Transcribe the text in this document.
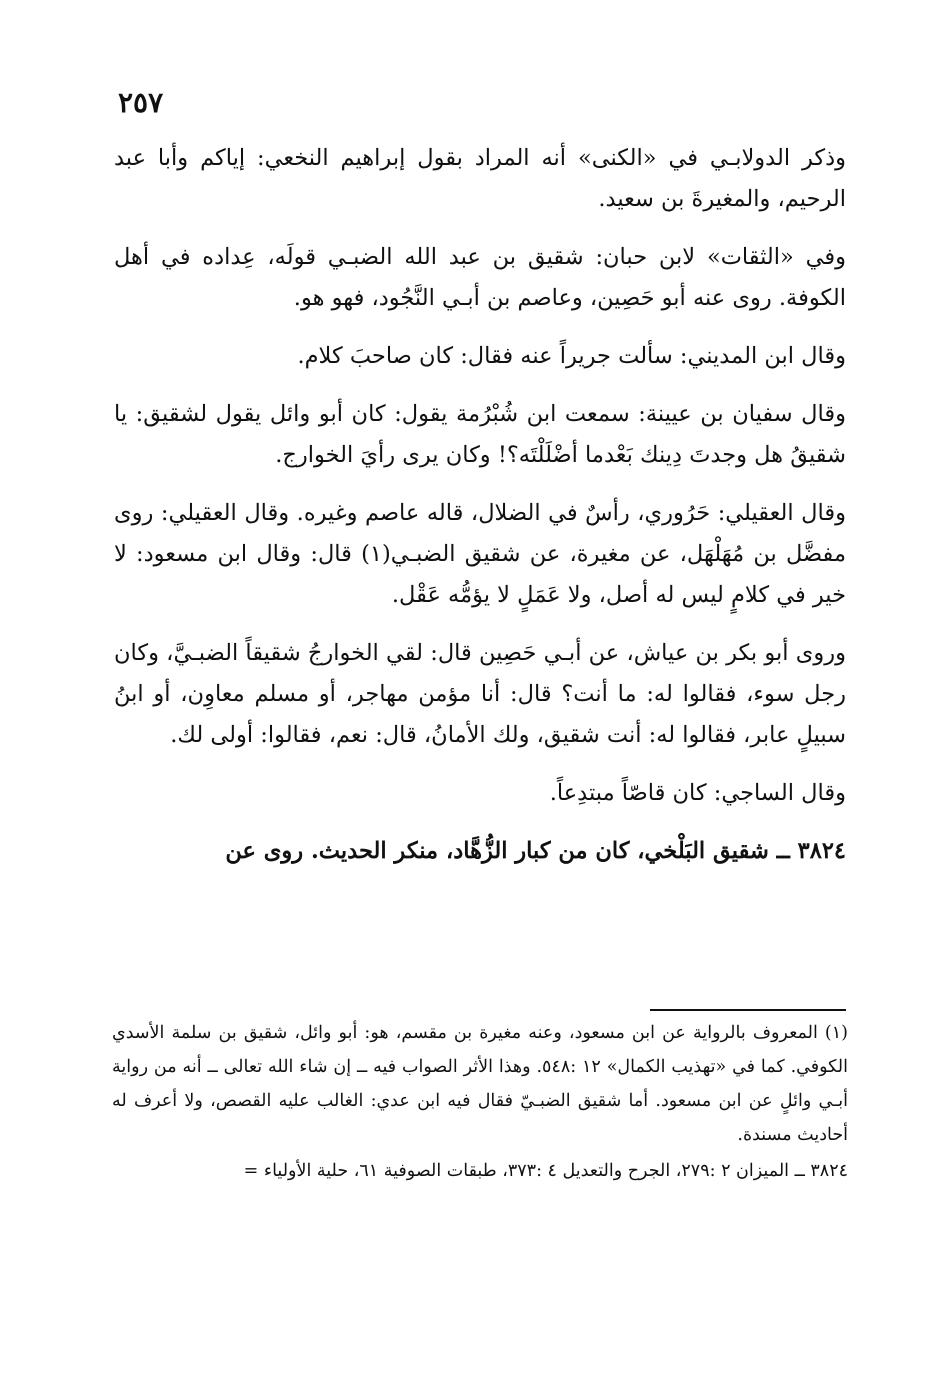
٢٥٧

وذكر الدولابـي في «الكنى» أنه المراد بقول إبراهيم النخعي: إياكم وأبا عبد الرحيم، والمغيرةَ بن سعيد.

وفي «الثقات» لابن حبان: شقيق بن عبد الله الضبـي قولَه، عِداده في أهل الكوفة. روى عنه أبو حَصِين، وعاصم بن أبـي النَّجُود، فهو هو.

وقال ابن المديني: سألت جريراً عنه فقال: كان صاحبَ كلام.

وقال سفيان بن عيينة: سمعت ابن شُبْرُمة يقول: كان أبو وائل يقول لشقيق: يا شقيقُ هل وجدتَ دِينك بَعْدما أضْلَلْتَه؟! وكان يرى رأيَ الخوارج.

وقال العقيلي: حَرُوري، رأسٌ في الضلال، قاله عاصم وغيره. وقال العقيلي: روى مفضَّل بن مُهَلْهَل، عن مغيرة، عن شقيق الضبـي(١) قال: وقال ابن مسعود: لا خير في كلامٍ ليس له أصل، ولا عَمَلٍ لا يؤمُّه عَقْل.

وروى أبو بكر بن عياش، عن أبـي حَصِين قال: لقي الخوارجُ شقيقاً الضبـيَّ، وكان رجل سوء، فقالوا له: ما أنت؟ قال: أنا مؤمن مهاجر، أو مسلم معاوِن، أو ابنُ سبيلٍ عابر، فقالوا له: أنت شقيق، ولك الأمانُ، قال: نعم، فقالوا: أولى لك.

وقال الساجي: كان قاصّاً مبتدِعاً.

٣٨٢٤ ــ شقيق البَلْخي، كان من كبار الزُّهَّاد، منكر الحديث. روى عن

(١) المعروف بالرواية عن ابن مسعود، وعنه مغيرة بن مقسم، هو: أبو وائل، شقيق بن سلمة الأسدي الكوفي. كما في «تهذيب الكمال» ١٢ :٥٤٨. وهذا الأثر الصواب فيه ــ إن شاء الله تعالى ــ أنه من رواية أبـي وائلٍ عن ابن مسعود. أما شقيق الضبـيّ فقال فيه ابن عدي: الغالب عليه القصص، ولا أعرف له أحاديث مسندة.

٣٨٢٤ ــ الميزان ٢ :٢٧٩، الجرح والتعديل ٤ :٣٧٣، طبقات الصوفية ٦١، حلية الأولياء =
